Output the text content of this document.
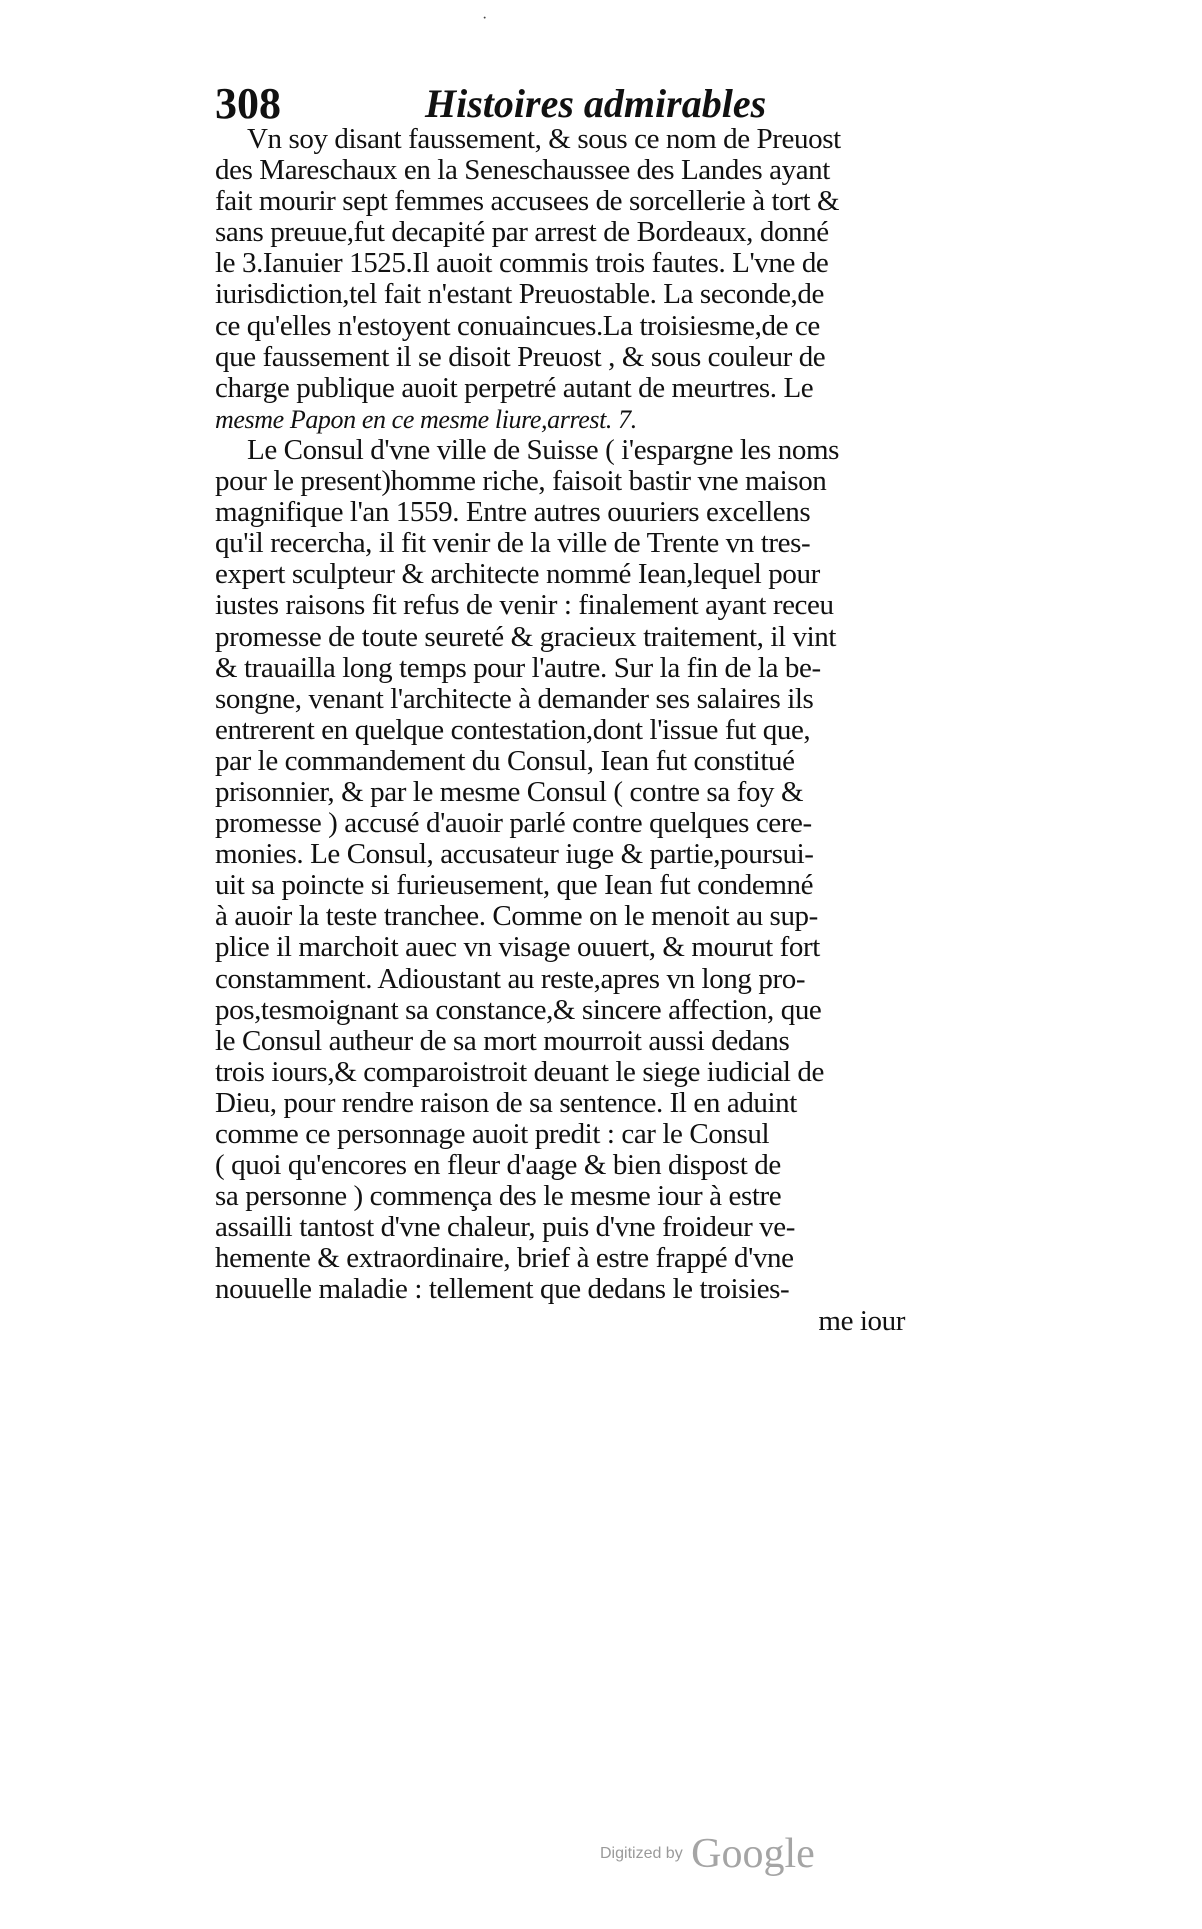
·
308	Histoires admirables
Vn soy disant faussement, & sous ce nom de Preuost
des Mareschaux en la Seneschaussee des Landes ayant
fait mourir sept femmes accusees de sorcellerie à tort &
sans preuue,fut decapité par arrest de Bordeaux, donné
le 3.Ianuier 1525.Il auoit commis trois fautes. L'vne de
iurisdiction,tel fait n'estant Preuostable. La seconde,de
ce qu'elles n'estoyent conuaincues.La troisiesme,de ce
que faussement il se disoit Preuost , & sous couleur de
charge publique auoit perpetré autant de meurtres. Le
mesme Papon en ce mesme liure,arrest. 7.
Le Consul d'vne ville de Suisse ( i'espargne les noms
pour le present)homme riche, faisoit bastir vne maison
magnifique l'an 1559. Entre autres ouuriers excellens
qu'il recercha, il fit venir de la ville de Trente vn tres-
expert sculpteur & architecte nommé Iean,lequel pour
iustes raisons fit refus de venir : finalement ayant receu
promesse de toute seureté & gracieux traitement, il vint
& trauailla long temps pour l'autre. Sur la fin de la be-
songne, venant l'architecte à demander ses salaires ils
entrerent en quelque contestation,dont l'issue fut que,
par le commandement du Consul, Iean fut constitué
prisonnier, & par le mesme Consul ( contre sa foy &
promesse ) accusé d'auoir parlé contre quelques cere-
monies. Le Consul, accusateur iuge & partie,poursui-
uit sa poincte si furieusement, que Iean fut condemné
à auoir la teste tranchee. Comme on le menoit au sup-
plice il marchoit auec vn visage ouuert, & mourut fort
constamment. Adioustant au reste,apres vn long pro-
pos,tesmoignant sa constance,& sincere affection, que
le Consul autheur de sa mort mourroit aussi dedans
trois iours,& comparoistroit deuant le siege iudicial de
Dieu, pour rendre raison de sa sentence. Il en aduint
comme ce personnage auoit predit : car le Consul
( quoi qu'encores en fleur d'aage & bien dispost de
sa personne ) commença des le mesme iour à estre
assailli tantost d'vne chaleur, puis d'vne froideur ve-
hemente & extraordinaire, brief à estre frappé d'vne
nouuelle maladie : tellement que dedans le troisies-
me iour
Digitized by Google
